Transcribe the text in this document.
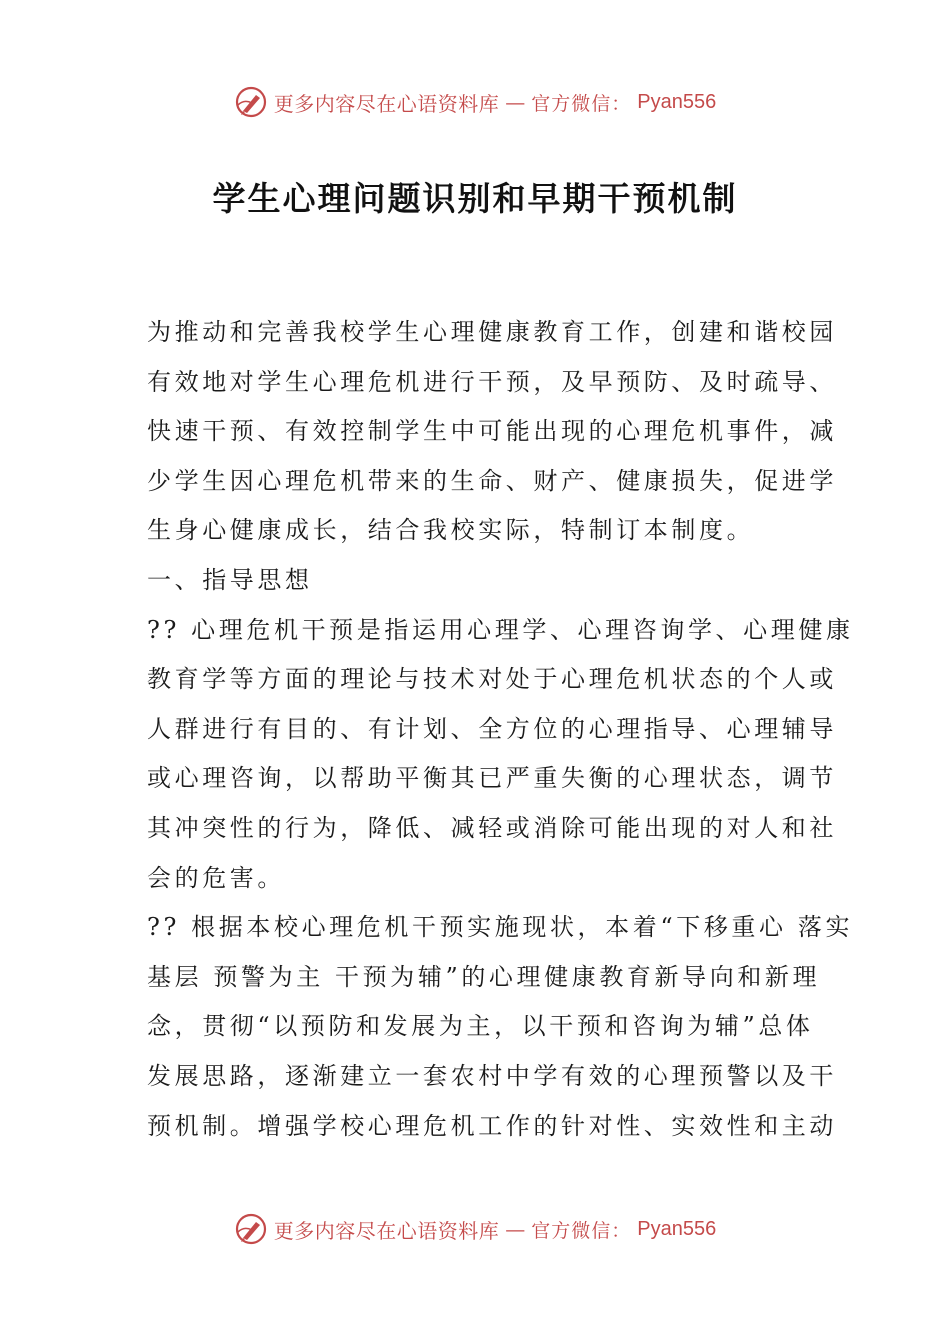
更多内容尽在心语资料库 — 官方微信： Pyan556
学生心理问题识别和早期干预机制
为推动和完善我校学生心理健康教育工作，创建和谐校园
有效地对学生心理危机进行干预，及早预防、及时疏导、
快速干预、有效控制学生中可能出现的心理危机事件，减
少学生因心理危机带来的生命、财产、健康损失，促进学
生身心健康成长，结合我校实际，特制订本制度。
一、指导思想
?? 心理危机干预是指运用心理学、心理咨询学、心理健康
教育学等方面的理论与技术对处于心理危机状态的个人或
人群进行有目的、有计划、全方位的心理指导、心理辅导
或心理咨询，以帮助平衡其已严重失衡的心理状态，调节
其冲突性的行为，降低、减轻或消除可能出现的对人和社
会的危害。
?? 根据本校心理危机干预实施现状，本着“下移重心 落实
基层 预警为主 干预为辅”的心理健康教育新导向和新理
念，贯彻“以预防和发展为主，以干预和咨询为辅”总体
发展思路，逐渐建立一套农村中学有效的心理预警以及干
预机制。增强学校心理危机工作的针对性、实效性和主动
更多内容尽在心语资料库 — 官方微信： Pyan556
